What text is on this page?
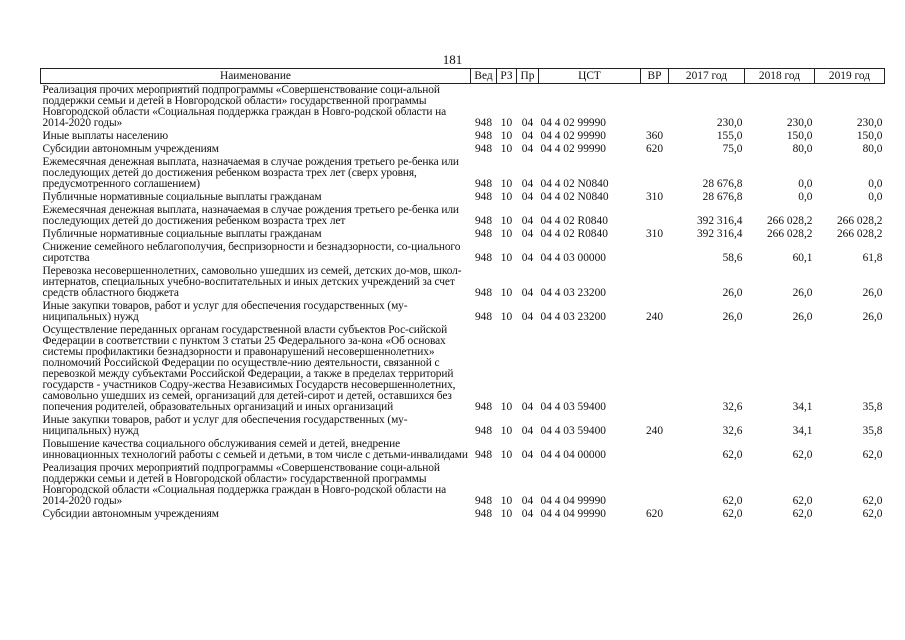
181
Наименование	Вед	РЗ	Пр	ЦСТ	ВР	2017 год	2018 год	2019 год
Реализация прочих мероприятий подпрограммы «Совершенствование соци-альной поддержки семьи и детей в Новгородской области» государственной программы Новгородской области «Социальная поддержка граждан в Новго-родской области на 2014-2020 годы»	948	10	04	04 4 02 99990		230,0	230,0	230,0
Иные выплаты населению	948	10	04	04 4 02 99990	360	155,0	150,0	150,0
Субсидии автономным учреждениям	948	10	04	04 4 02 99990	620	75,0	80,0	80,0
Ежемесячная денежная выплата, назначаемая в случае рождения третьего ре-бенка или последующих детей до достижения ребенком возраста трех лет (сверх уровня, предусмотренного соглашением)	948	10	04	04 4 02 N0840		28 676,8	0,0	0,0
Публичные нормативные социальные выплаты гражданам	948	10	04	04 4 02 N0840	310	28 676,8	0,0	0,0
Ежемесячная денежная выплата, назначаемая в случае рождения третьего ре-бенка или последующих детей до достижения ребенком возраста трех лет	948	10	04	04 4 02 R0840		392 316,4	266 028,2	266 028,2
Публичные нормативные социальные выплаты гражданам	948	10	04	04 4 02 R0840	310	392 316,4	266 028,2	266 028,2
Снижение семейного неблагополучия, беспризорности и безнадзорности, со-циального сиротства	948	10	04	04 4 03 00000		58,6	60,1	61,8
Перевозка несовершеннолетних, самовольно ушедших из семей, детских до-мов, школ-интернатов, специальных учебно-воспитательных и иных детских учреждений за счет средств областного бюджета	948	10	04	04 4 03 23200		26,0	26,0	26,0
Иные закупки товаров, работ и услуг для обеспечения государственных (му-ниципальных) нужд	948	10	04	04 4 03 23200	240	26,0	26,0	26,0
Осуществление переданных органам государственной власти субъектов Рос-сийской Федерации в соответствии с пунктом 3 статьи 25 Федерального за-кона «Об основах системы профилактики безнадзорности и правонарушений несовершеннолетних» полномочий Российской Федерации по осуществле-нию деятельности, связанной с перевозкой между субъектами Российской Федерации, а также в пределах территорий государств - участников Содру-жества Независимых Государств несовершеннолетних, самовольно ушедших из семей, организаций для детей-сирот и детей, оставшихся без попечения родителей, образовательных организаций и иных организаций	948	10	04	04 4 03 59400		32,6	34,1	35,8
Иные закупки товаров, работ и услуг для обеспечения государственных (му-ниципальных) нужд	948	10	04	04 4 03 59400	240	32,6	34,1	35,8
Повышение качества социального обслуживания семей и детей, внедрение инновационных технологий работы с семьей и детьми, в том числе с детьми-инвалидами	948	10	04	04 4 04 00000		62,0	62,0	62,0
Реализация прочих мероприятий подпрограммы «Совершенствование соци-альной поддержки семьи и детей в Новгородской области» государственной программы Новгородской области «Социальная поддержка граждан в Новго-родской области на 2014-2020 годы»	948	10	04	04 4 04 99990		62,0	62,0	62,0
Субсидии автономным учреждениям	948	10	04	04 4 04 99990	620	62,0	62,0	62,0
